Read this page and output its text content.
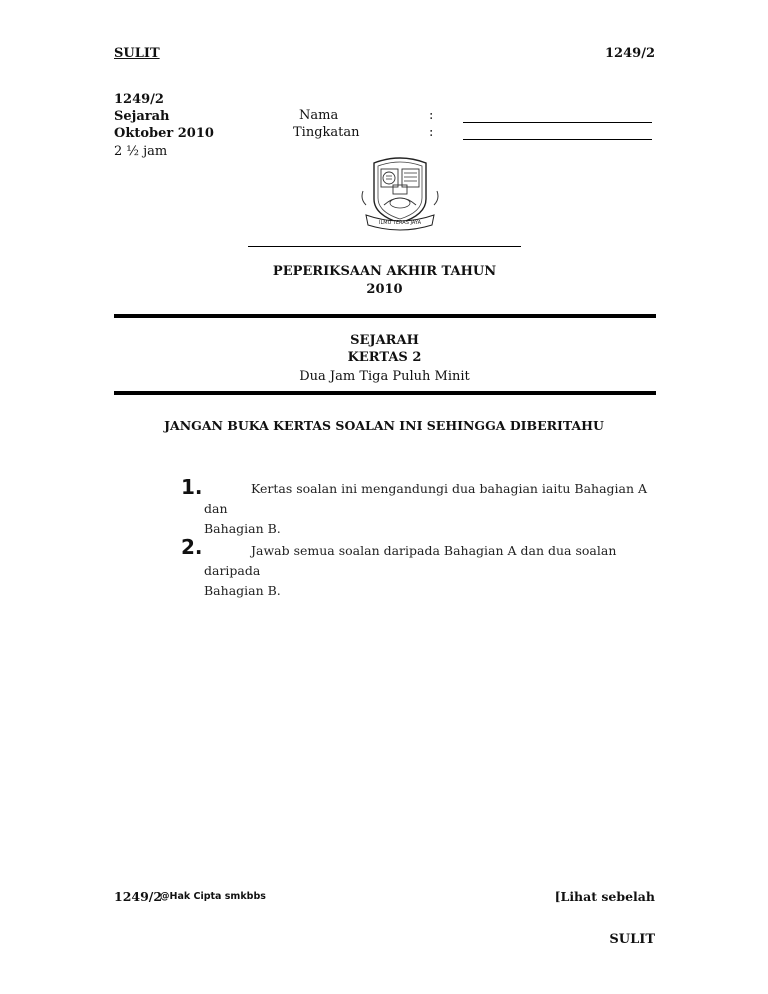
SULIT	1249/2
1249/2
Sejarah
Oktober 2010
2 ½ jam
Nama	:
Tingkatan	:
ILMU TERAS JAYA
PEPERIKSAAN AKHIR TAHUN
2010
SEJARAH
KERTAS 2
Dua Jam Tiga Puluh Minit
JANGAN BUKA KERTAS SOALAN INI SEHINGGA DIBERITAHU
1.	Kertas soalan ini mengandungi dua bahagian iaitu Bahagian A dan
Bahagian B.
2.	Jawab semua soalan daripada Bahagian A dan dua soalan daripada
Bahagian B.
1249/2
@Hak Cipta smkbbs	[Lihat sebelah
SULIT
